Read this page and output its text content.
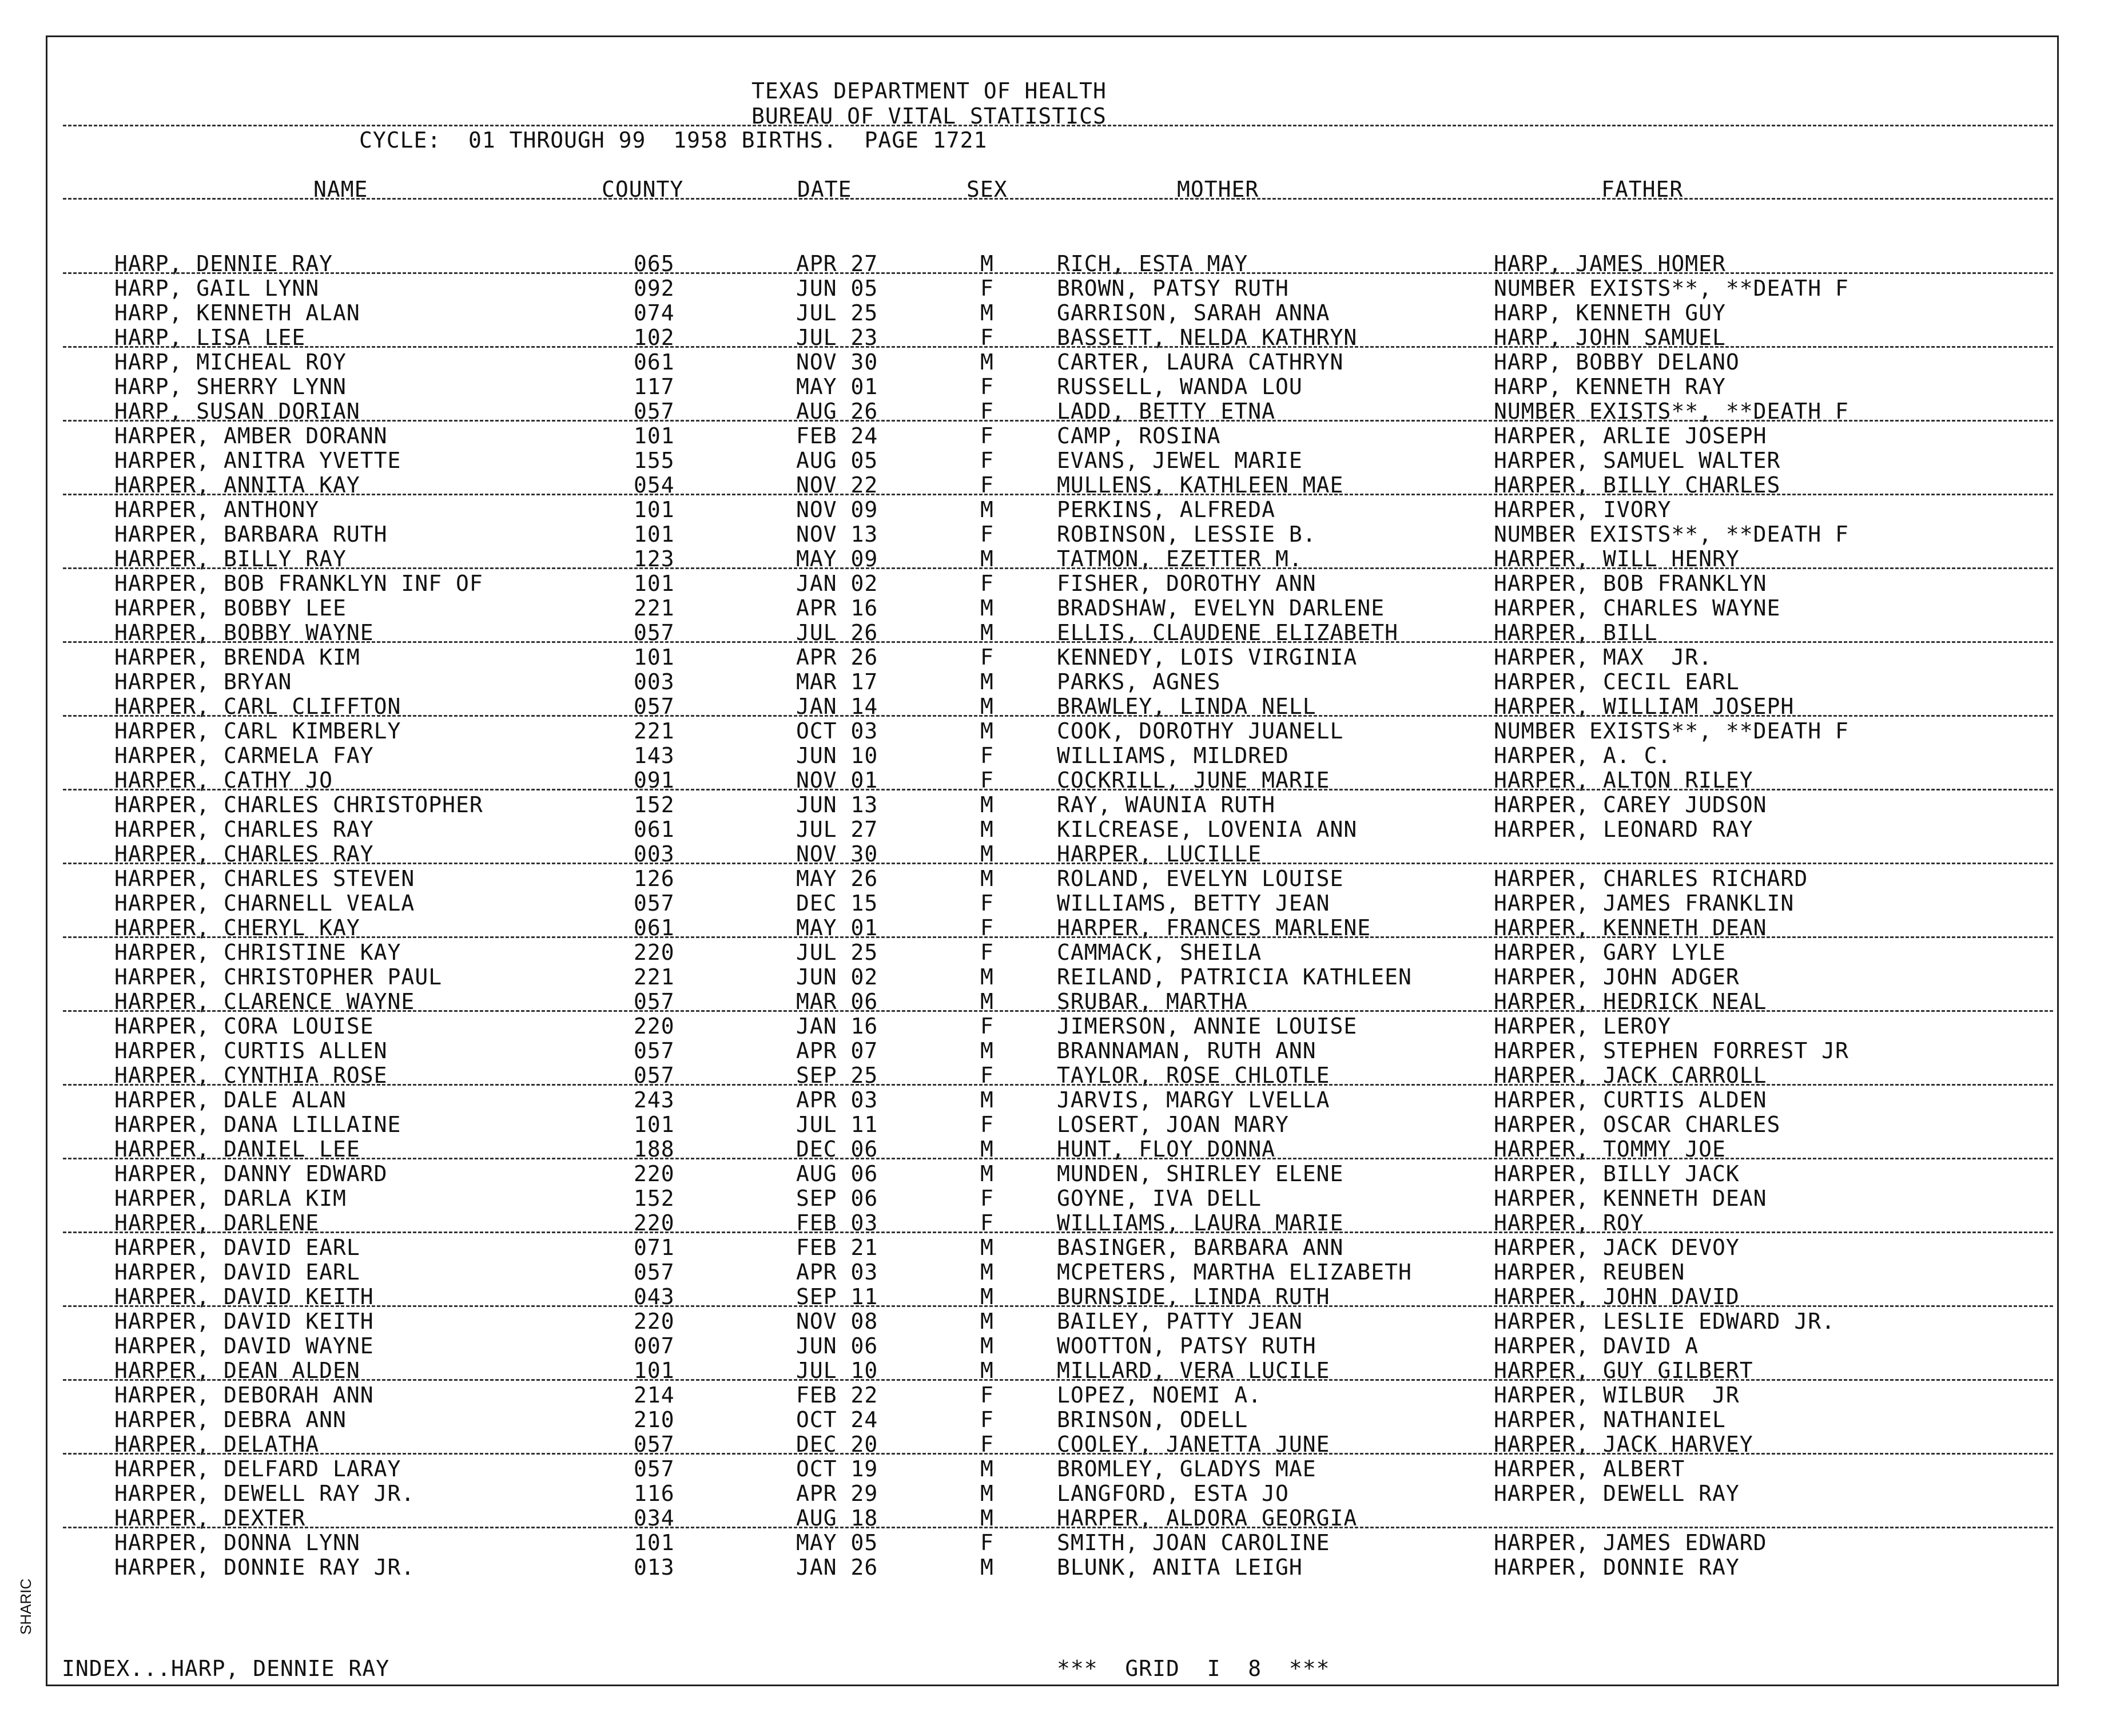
TEXAS DEPARTMENT OF HEALTH
BUREAU OF VITAL STATISTICS
CYCLE:  01 THROUGH 99  1958 BIRTHS.  PAGE 1721
NAME	COUNTY	DATE	SEX	MOTHER	FATHER
HARP, DENNIE RAY	065	APR 27	M	RICH, ESTA MAY	HARP, JAMES HOMER
HARP, GAIL LYNN	092	JUN 05	F	BROWN, PATSY RUTH	NUMBER EXISTS**, **DEATH F
HARP, KENNETH ALAN	074	JUL 25	M	GARRISON, SARAH ANNA	HARP, KENNETH GUY
HARP, LISA LEE	102	JUL 23	F	BASSETT, NELDA KATHRYN	HARP, JOHN SAMUEL
HARP, MICHEAL ROY	061	NOV 30	M	CARTER, LAURA CATHRYN	HARP, BOBBY DELANO
HARP, SHERRY LYNN	117	MAY 01	F	RUSSELL, WANDA LOU	HARP, KENNETH RAY
HARP, SUSAN DORIAN	057	AUG 26	F	LADD, BETTY ETNA	NUMBER EXISTS**, **DEATH F
HARPER, AMBER DORANN	101	FEB 24	F	CAMP, ROSINA	HARPER, ARLIE JOSEPH
HARPER, ANITRA YVETTE	155	AUG 05	F	EVANS, JEWEL MARIE	HARPER, SAMUEL WALTER
HARPER, ANNITA KAY	054	NOV 22	F	MULLENS, KATHLEEN MAE	HARPER, BILLY CHARLES
HARPER, ANTHONY	101	NOV 09	M	PERKINS, ALFREDA	HARPER, IVORY
HARPER, BARBARA RUTH	101	NOV 13	F	ROBINSON, LESSIE B.	NUMBER EXISTS**, **DEATH F
HARPER, BILLY RAY	123	MAY 09	M	TATMON, EZETTER M.	HARPER, WILL HENRY
HARPER, BOB FRANKLYN INF OF	101	JAN 02	F	FISHER, DOROTHY ANN	HARPER, BOB FRANKLYN
HARPER, BOBBY LEE	221	APR 16	M	BRADSHAW, EVELYN DARLENE	HARPER, CHARLES WAYNE
HARPER, BOBBY WAYNE	057	JUL 26	M	ELLIS, CLAUDENE ELIZABETH	HARPER, BILL
HARPER, BRENDA KIM	101	APR 26	F	KENNEDY, LOIS VIRGINIA	HARPER, MAX  JR.
HARPER, BRYAN	003	MAR 17	M	PARKS, AGNES	HARPER, CECIL EARL
HARPER, CARL CLIFFTON	057	JAN 14	M	BRAWLEY, LINDA NELL	HARPER, WILLIAM JOSEPH
HARPER, CARL KIMBERLY	221	OCT 03	M	COOK, DOROTHY JUANELL	NUMBER EXISTS**, **DEATH F
HARPER, CARMELA FAY	143	JUN 10	F	WILLIAMS, MILDRED	HARPER, A. C.
HARPER, CATHY JO	091	NOV 01	F	COCKRILL, JUNE MARIE	HARPER, ALTON RILEY
HARPER, CHARLES CHRISTOPHER	152	JUN 13	M	RAY, WAUNIA RUTH	HARPER, CAREY JUDSON
HARPER, CHARLES RAY	061	JUL 27	M	KILCREASE, LOVENIA ANN	HARPER, LEONARD RAY
HARPER, CHARLES RAY	003	NOV 30	M	HARPER, LUCILLE
HARPER, CHARLES STEVEN	126	MAY 26	M	ROLAND, EVELYN LOUISE	HARPER, CHARLES RICHARD
HARPER, CHARNELL VEALA	057	DEC 15	F	WILLIAMS, BETTY JEAN	HARPER, JAMES FRANKLIN
HARPER, CHERYL KAY	061	MAY 01	F	HARPER, FRANCES MARLENE	HARPER, KENNETH DEAN
HARPER, CHRISTINE KAY	220	JUL 25	F	CAMMACK, SHEILA	HARPER, GARY LYLE
HARPER, CHRISTOPHER PAUL	221	JUN 02	M	REILAND, PATRICIA KATHLEEN	HARPER, JOHN ADGER
HARPER, CLARENCE WAYNE	057	MAR 06	M	SRUBAR, MARTHA	HARPER, HEDRICK NEAL
HARPER, CORA LOUISE	220	JAN 16	F	JIMERSON, ANNIE LOUISE	HARPER, LEROY
HARPER, CURTIS ALLEN	057	APR 07	M	BRANNAMAN, RUTH ANN	HARPER, STEPHEN FORREST JR
HARPER, CYNTHIA ROSE	057	SEP 25	F	TAYLOR, ROSE CHLOTLE	HARPER, JACK CARROLL
HARPER, DALE ALAN	243	APR 03	M	JARVIS, MARGY LVELLA	HARPER, CURTIS ALDEN
HARPER, DANA LILLAINE	101	JUL 11	F	LOSERT, JOAN MARY	HARPER, OSCAR CHARLES
HARPER, DANIEL LEE	188	DEC 06	M	HUNT, FLOY DONNA	HARPER, TOMMY JOE
HARPER, DANNY EDWARD	220	AUG 06	M	MUNDEN, SHIRLEY ELENE	HARPER, BILLY JACK
HARPER, DARLA KIM	152	SEP 06	F	GOYNE, IVA DELL	HARPER, KENNETH DEAN
HARPER, DARLENE	220	FEB 03	F	WILLIAMS, LAURA MARIE	HARPER, ROY
HARPER, DAVID EARL	071	FEB 21	M	BASINGER, BARBARA ANN	HARPER, JACK DEVOY
HARPER, DAVID EARL	057	APR 03	M	MCPETERS, MARTHA ELIZABETH	HARPER, REUBEN
HARPER, DAVID KEITH	043	SEP 11	M	BURNSIDE, LINDA RUTH	HARPER, JOHN DAVID
HARPER, DAVID KEITH	220	NOV 08	M	BAILEY, PATTY JEAN	HARPER, LESLIE EDWARD JR.
HARPER, DAVID WAYNE	007	JUN 06	M	WOOTTON, PATSY RUTH	HARPER, DAVID A
HARPER, DEAN ALDEN	101	JUL 10	M	MILLARD, VERA LUCILE	HARPER, GUY GILBERT
HARPER, DEBORAH ANN	214	FEB 22	F	LOPEZ, NOEMI A.	HARPER, WILBUR  JR
HARPER, DEBRA ANN	210	OCT 24	F	BRINSON, ODELL	HARPER, NATHANIEL
HARPER, DELATHA	057	DEC 20	F	COOLEY, JANETTA JUNE	HARPER, JACK HARVEY
HARPER, DELFARD LARAY	057	OCT 19	M	BROMLEY, GLADYS MAE	HARPER, ALBERT
HARPER, DEWELL RAY JR.	116	APR 29	M	LANGFORD, ESTA JO	HARPER, DEWELL RAY
HARPER, DEXTER	034	AUG 18	M	HARPER, ALDORA GEORGIA
HARPER, DONNA LYNN	101	MAY 05	F	SMITH, JOAN CAROLINE	HARPER, JAMES EDWARD
HARPER, DONNIE RAY JR.	013	JAN 26	M	BLUNK, ANITA LEIGH	HARPER, DONNIE RAY
INDEX...HARP, DENNIE RAY	***  GRID  I  8  ***
SHARIC
